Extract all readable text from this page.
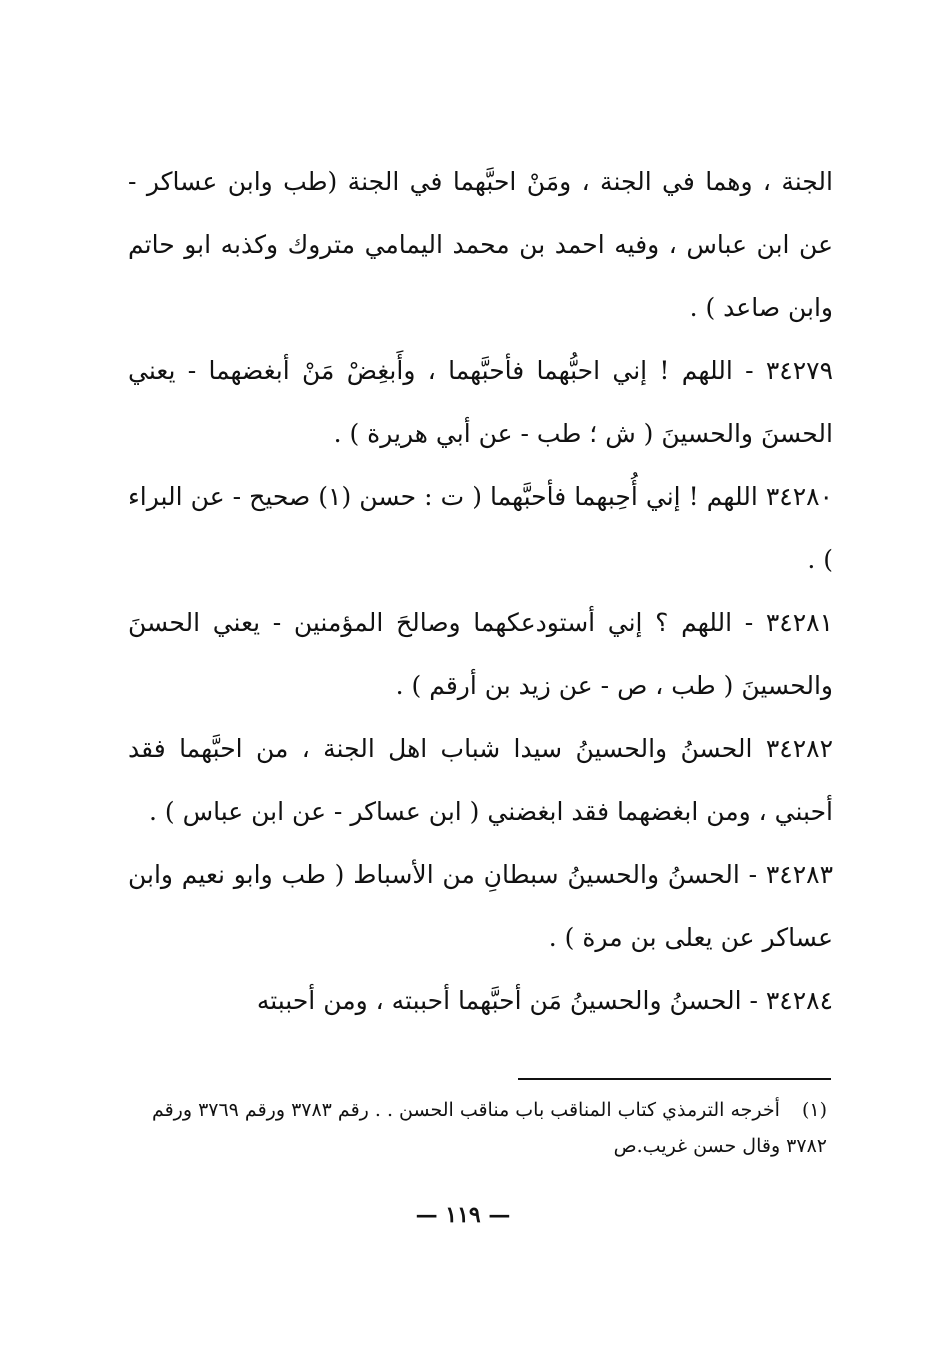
الجنة ، وهما في الجنة ، ومَنْ احبَّهما في الجنة (طب وابن عساكر - عن ابن عباس ، وفيه احمد بن محمد اليمامي متروك وكذبه ابو حاتم وابن صاعد ) .

٣٤٢٧٩ - اللهم ! إني احبُّهما فأحبَّهما ، وأَبغِضْ مَنْ أبغضهما - يعني الحسنَ والحسينَ ( ش ؛ طب - عن أبي هريرة ) .

٣٤٢٨٠ اللهم ! إني أُحِبهما فأحبَّهما ( ت : حسن (١) صحيح - عن البراء ) .

٣٤٢٨١ - اللهم ؟ إني أستودعكهما وصالحَ المؤمنين - يعني الحسنَ والحسينَ ( طب ، ص - عن زيد بن أرقم ) .

٣٤٢٨٢ الحسنُ والحسينُ سيدا شباب اهل الجنة ، من احبَّهما فقد أحبني ، ومن ابغضهما فقد ابغضني ( ابن عساكر - عن ابن عباس ) .

٣٤٢٨٣ - الحسنُ والحسينُ سبطانِ من الأسباط ( طب وابو نعيم وابن عساكر عن يعلى بن مرة ) .

٣٤٢٨٤ - الحسنُ والحسينُ مَن أحبَّهما أحببته ، ومن أحببته

(١)أخرجه الترمذي كتاب المناقب باب مناقب الحسن . . رقم ٣٧٨٣ ورقم ٣٧٦٩ ورقم ٣٧٨٢ وقال حسن غريب.ص
— ١١٩ —
